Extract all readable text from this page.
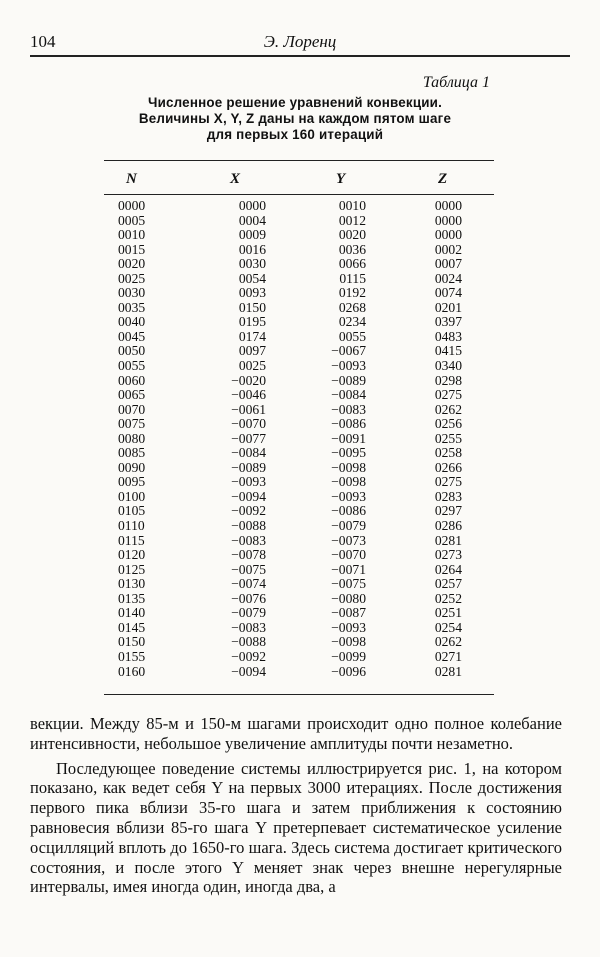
104	Э. Лоренц
Таблица 1
Численное решение уравнений конвекции.
Величины X, Y, Z даны на каждом пятом шаге
для первых 160 итераций
N	X	Y	Z
0000	0000	0010	0000
0005	0004	0012	0000
0010	0009	0020	0000
0015	0016	0036	0002
0020	0030	0066	0007
0025	0054	0115	0024
0030	0093	0192	0074
0035	0150	0268	0201
0040	0195	0234	0397
0045	0174	0055	0483
0050	0097	−0067	0415
0055	0025	−0093	0340
0060	−0020	−0089	0298
0065	−0046	−0084	0275
0070	−0061	−0083	0262
0075	−0070	−0086	0256
0080	−0077	−0091	0255
0085	−0084	−0095	0258
0090	−0089	−0098	0266
0095	−0093	−0098	0275
0100	−0094	−0093	0283
0105	−0092	−0086	0297
0110	−0088	−0079	0286
0115	−0083	−0073	0281
0120	−0078	−0070	0273
0125	−0075	−0071	0264
0130	−0074	−0075	0257
0135	−0076	−0080	0252
0140	−0079	−0087	0251
0145	−0083	−0093	0254
0150	−0088	−0098	0262
0155	−0092	−0099	0271
0160	−0094	−0096	0281

векции. Между 85-м и 150-м шагами происходит одно полное колебание интенсивности, небольшое увеличение амплитуды почти незаметно.

Последующее поведение системы иллюстрируется рис. 1, на котором показано, как ведет себя Y на первых 3000 итерациях. После достижения первого пика вблизи 35-го шага и затем приближения к состоянию равновесия вблизи 85-го шага Y претерпевает систематическое усиление осцилляций вплоть до 1650-го шага. Здесь система достигает критического состояния, и после этого Y меняет знак через внешне нерегулярные интервалы, имея иногда один, иногда два, а
